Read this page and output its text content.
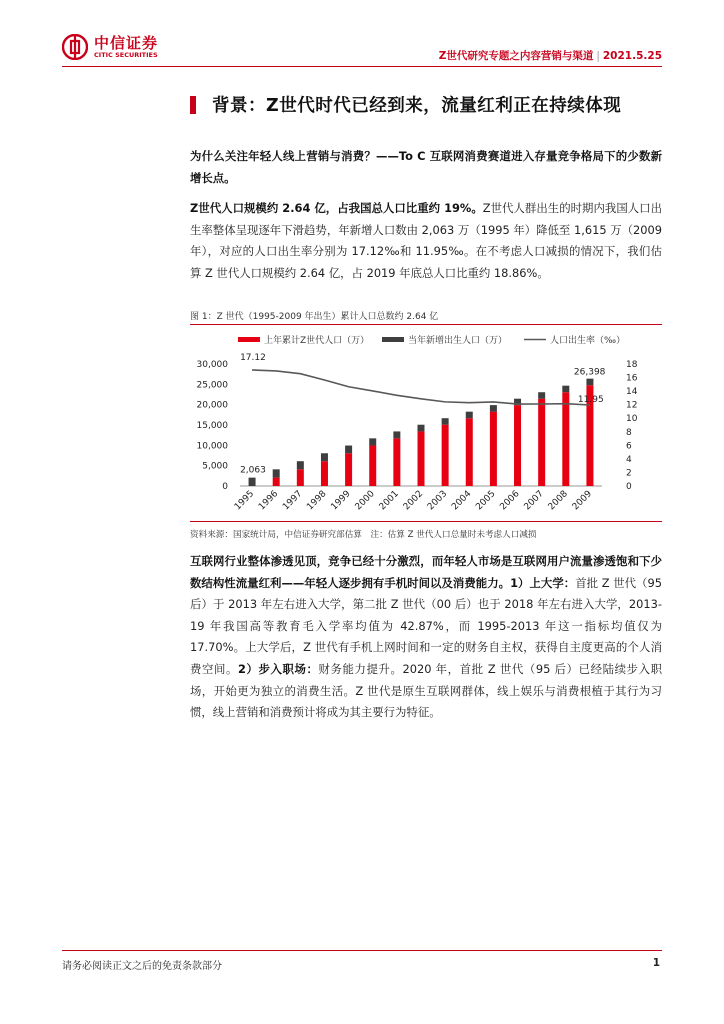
中信证券
CITIC SECURITIES	Z世代研究专题之内容营销与渠道 | 2021.5.25
背景：Z世代时代已经到来，流量红利正在持续体现
为什么关注年轻人线上营销与消费？——To C 互联网消费赛道进入存量竞争格局下的少数新增长点。
Z世代人口规模约 2.64 亿，占我国总人口比重约 19%。Z世代人群出生的时期内我国人口出生率整体呈现逐年下滑趋势，年新增人口数由 2,063 万（1995 年）降低至 1,615 万（2009 年），对应的人口出生率分别为 17.12‰和 11.95‰。在不考虑人口减损的情况下，我们估算 Z 世代人口规模约 2.64 亿，占 2019 年底总人口比重约 18.86%。
图 1：Z 世代（1995-2009 年出生）累计人口总数约 2.64 亿
上年累计Z世代人口（万）	当年新增出生人口（万）	人口出生率（‰）
30,000
25,000
20,000
15,000
10,000
5,000
0
18
16
14
12
10
8
6
4
2
0
1995 1996 1997 1998 1999 2000 2001 2002 2003 2004 2005 2006 2007 2008 2009
17.12
2,063
26,398
11.95
资料来源：国家统计局，中信证券研究部估算　注：估算 Z 世代人口总量时未考虑人口减损
互联网行业整体渗透见顶，竞争已经十分激烈，而年轻人市场是互联网用户流量渗透饱和下少数结构性流量红利——年轻人逐步拥有手机时间以及消费能力。1）上大学：首批 Z 世代（95 后）于 2013 年左右进入大学，第二批 Z 世代（00 后）也于 2018 年左右进入大学，2013-19 年我国高等教育毛入学率均值为 42.87%，而 1995-2013 年这一指标均值仅为 17.70%。上大学后，Z 世代有手机上网时间和一定的财务自主权，获得自主度更高的个人消费空间。2）步入职场：财务能力提升。2020 年，首批 Z 世代（95 后）已经陆续步入职场，开始更为独立的消费生活。Z 世代是原生互联网群体，线上娱乐与消费根植于其行为习惯，线上营销和消费预计将成为其主要行为特征。
请务必阅读正文之后的免责条款部分	1
